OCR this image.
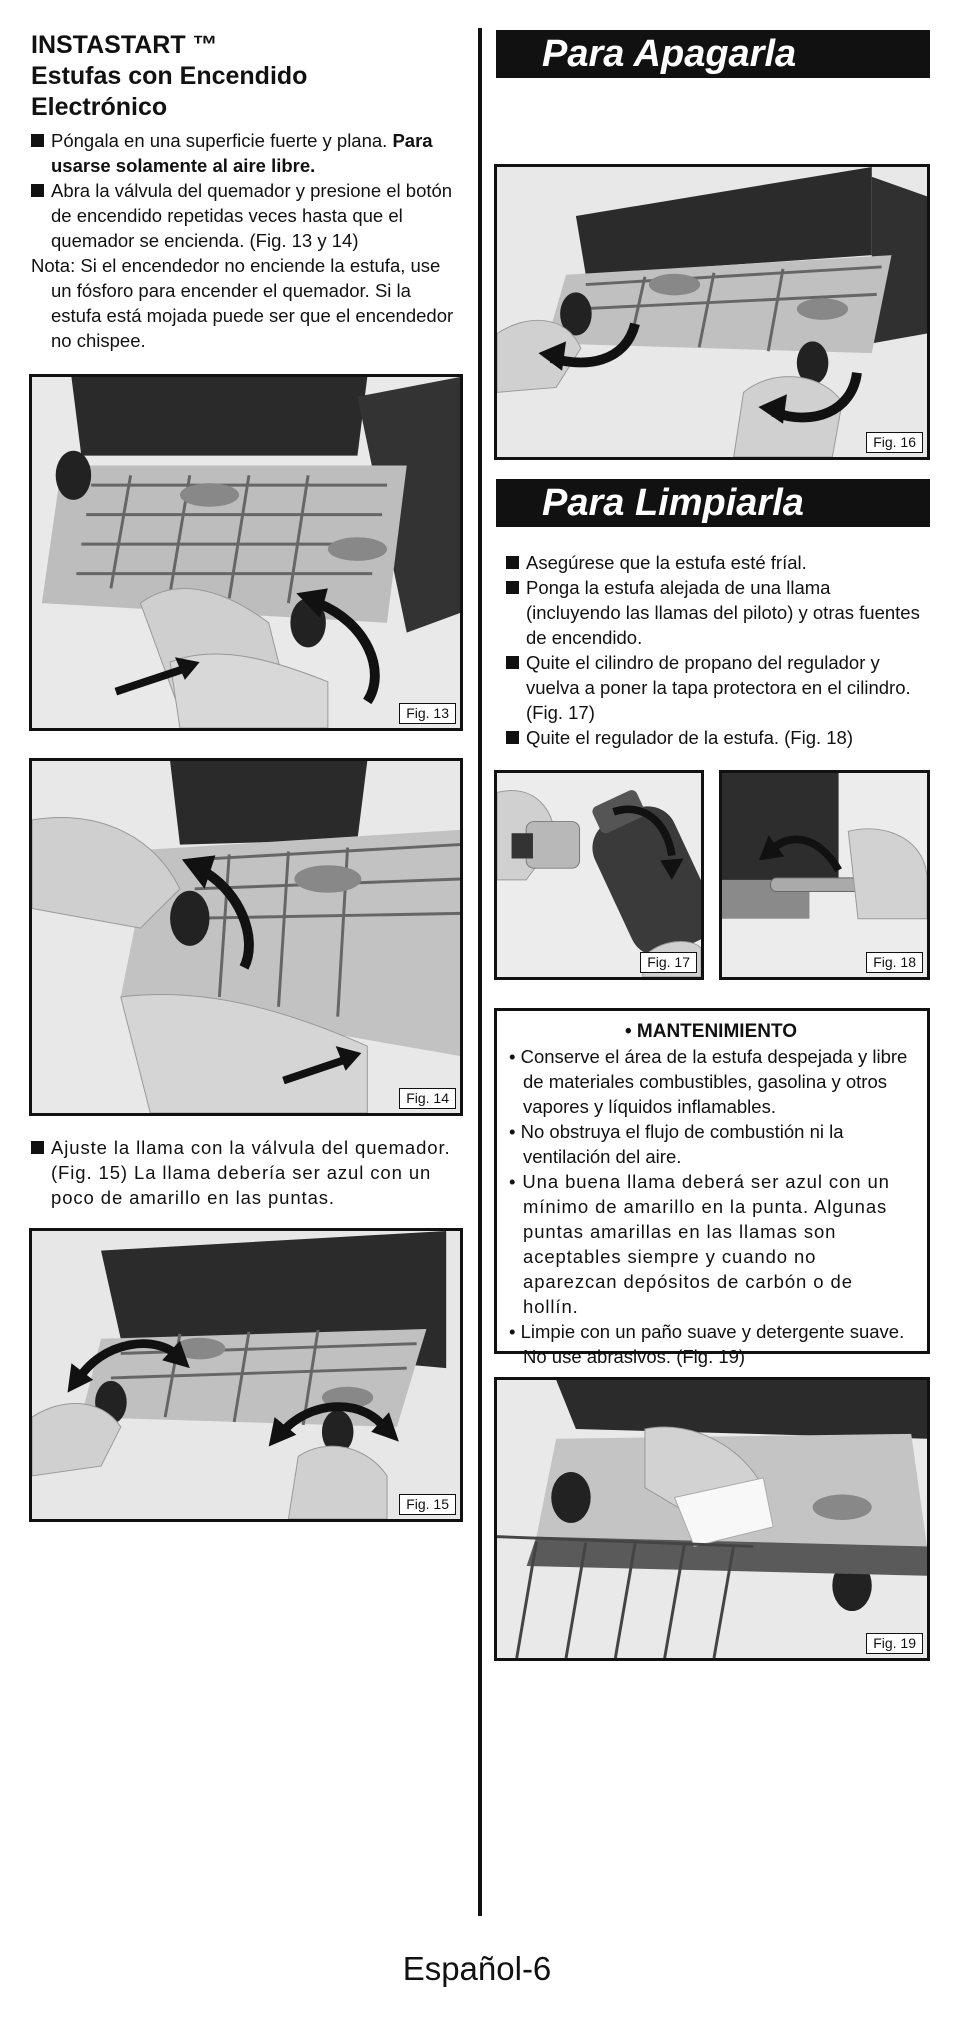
INSTASTART ™
Estufas con Encendido
Electrónico
Póngala en una superficie fuerte y plana. Para usarse solamente al aire libre.
Abra la válvula del quemador y presione el botón de encendido repetidas veces hasta que el quemador se encienda. (Fig. 13 y 14)
Nota: Si el encendedor no enciende la estufa, use un fósforo para encender el quemador. Si la estufa está mojada puede ser que el encendedor no chispee.
Fig. 13
Fig. 14
Ajuste la llama con la válvula del quemador. (Fig. 15) La llama debería ser azul con un poco de amarillo en las puntas.
Fig. 15
Para Apagarla
Fig. 16
Para Limpiarla
Asegúrese que la estufa esté fríal.
Ponga la estufa alejada de una llama (incluyendo las llamas del piloto) y otras fuentes de encendido.
Quite el cilindro de propano del regulador y vuelva a poner la tapa protectora en el cilindro. (Fig. 17)
Quite el regulador de la estufa. (Fig. 18)
Fig. 17	Fig. 18
• MANTENIMIENTO
• Conserve el área de la estufa despejada y libre de materiales combustibles, gasolina y otros vapores y líquidos inflamables.
• No obstruya el flujo de combustión ni la ventilación del aire.
• Una buena llama deberá ser azul con un mínimo de amarillo en la punta. Algunas puntas amarillas en las llamas son aceptables siempre y cuando no aparezcan depósitos de carbón o de hollín.
• Limpie con un paño suave y detergente suave. No use abrasivos. (Fig. 19)
Fig. 19
Español-6
